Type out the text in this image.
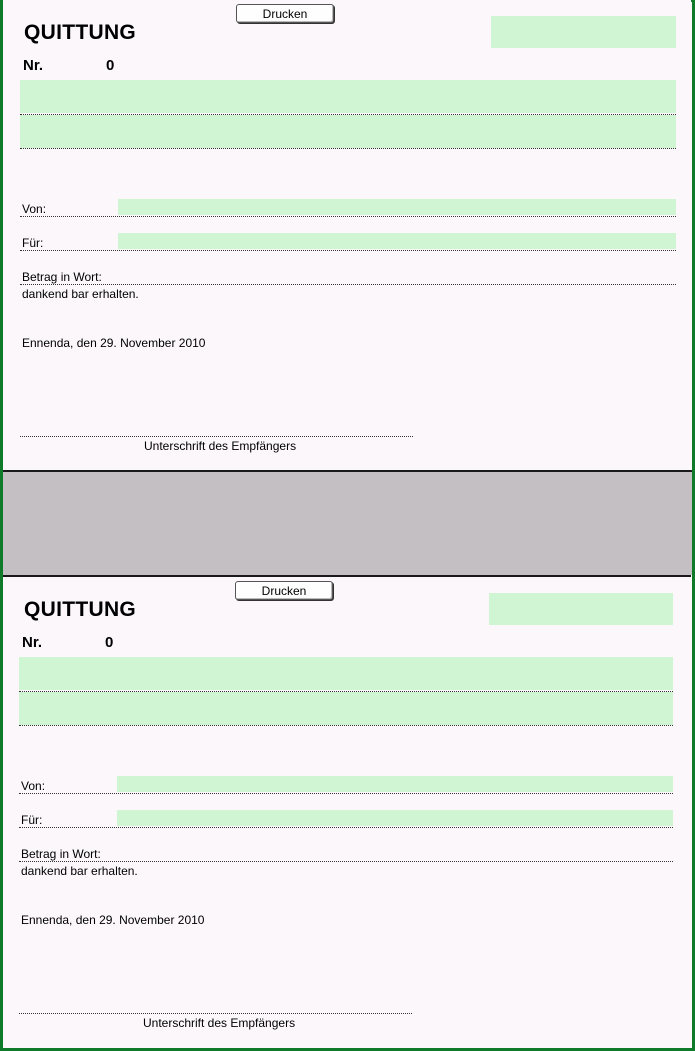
Drucken
QUITTUNG
Nr.	0
Von:
Für:
Betrag in Wort:
dankend bar erhalten.
Ennenda, den 29. November 2010
Unterschrift des Empfängers
Drucken
QUITTUNG
Nr.	0
Von:
Für:
Betrag in Wort:
dankend bar erhalten.
Ennenda, den 29. November 2010
Unterschrift des Empfängers
